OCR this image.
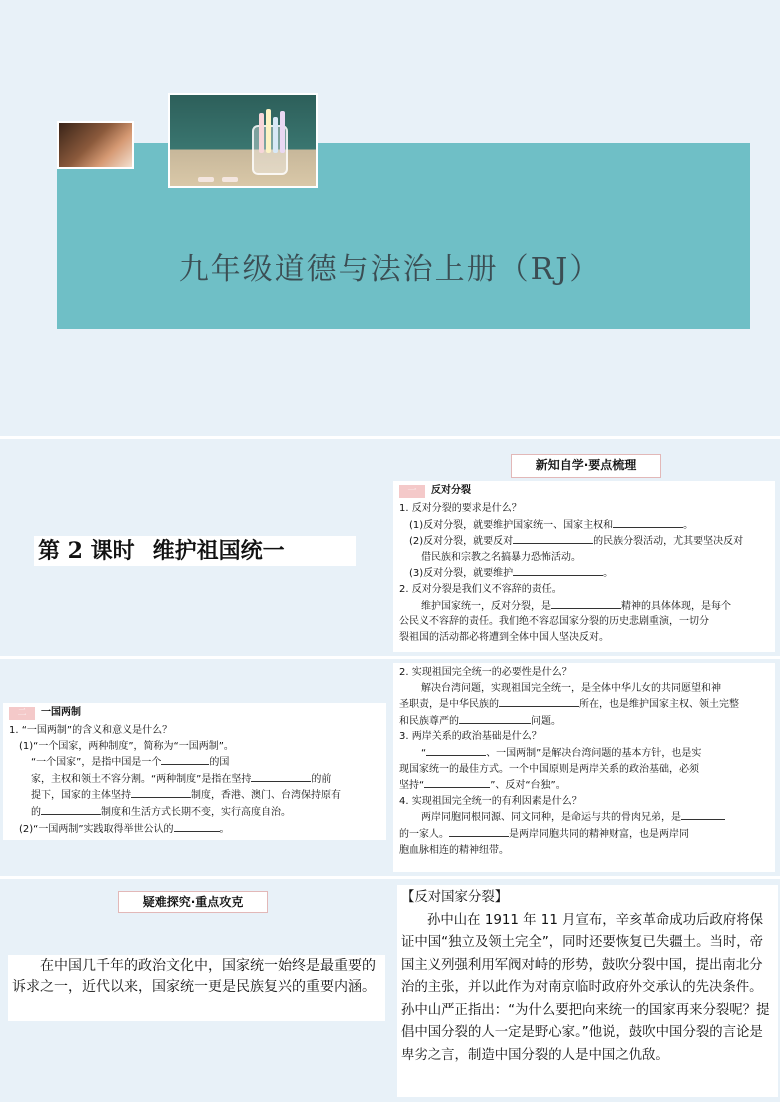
九年级道德与法治上册（RJ）
第 2 课时 维护祖国统一
新知自学·要点梳理
一	反对分裂

1. 反对分裂的要求是什么？

(1)反对分裂，就要维护国家统一、国家主权和	。

(2)反对分裂，就要反对	的民族分裂活动，尤其要坚决反对

借民族和宗教之名搞暴力恐怖活动。

(3)反对分裂，就要维护	。

2. 反对分裂是我们义不容辞的责任。

维护国家统一，反对分裂，是	精神的具体体现，是每个

公民义不容辞的责任。我们绝不容忍国家分裂的历史悲剧重演，一切分

裂祖国的活动都必将遭到全体中国人坚决反对。

二	一国两制

1. “一国两制”的含义和意义是什么？

(1)“一个国家，两种制度”，简称为“一国两制”。

“一个国家”，是指中国是一个	的国

家，主权和领土不容分割。“两种制度”是指在坚持	的前

提下，国家的主体坚持	制度，香港、澳门、台湾保持原有

的	制度和生活方式长期不变，实行高度自治。

(2)“一国两制”实践取得举世公认的	。

2. 实现祖国完全统一的必要性是什么？

解决台湾问题，实现祖国完全统一，是全体中华儿女的共同愿望和神

圣职责，是中华民族的	所在，也是维护国家主权、领土完整

和民族尊严的	问题。

3. 两岸关系的政治基础是什么？

“	、一国两制”是解决台湾问题的基本方针，也是实

现国家统一的最佳方式。一个中国原则是两岸关系的政治基础，必须

坚持“	”、反对“台独”。

4. 实现祖国完全统一的有利因素是什么？

两岸同胞同根同源、同文同种，是命运与共的骨肉兄弟，是

的一家人。	是两岸同胞共同的精神财富，也是两岸同

胞血脉相连的精神纽带。

疑难探究·重点攻克
在中国几千年的政治文化中，国家统一始终是最重要的诉求之一，近代以来，国家统一更是民族复兴的重要内涵。
【反对国家分裂】
孙中山在 1911 年 11 月宣布，辛亥革命成功后政府将保证中国“独立及领土完全”，同时还要恢复已失疆土。当时，帝国主义列强利用军阀对峙的形势，鼓吹分裂中国，提出南北分治的主张，并以此作为对南京临时政府外交承认的先决条件。孙中山严正指出：“为什么要把向来统一的国家再来分裂呢？提倡中国分裂的人一定是野心家。”他说，鼓吹中国分裂的言论是卑劣之言，制造中国分裂的人是中国之仇敌。
